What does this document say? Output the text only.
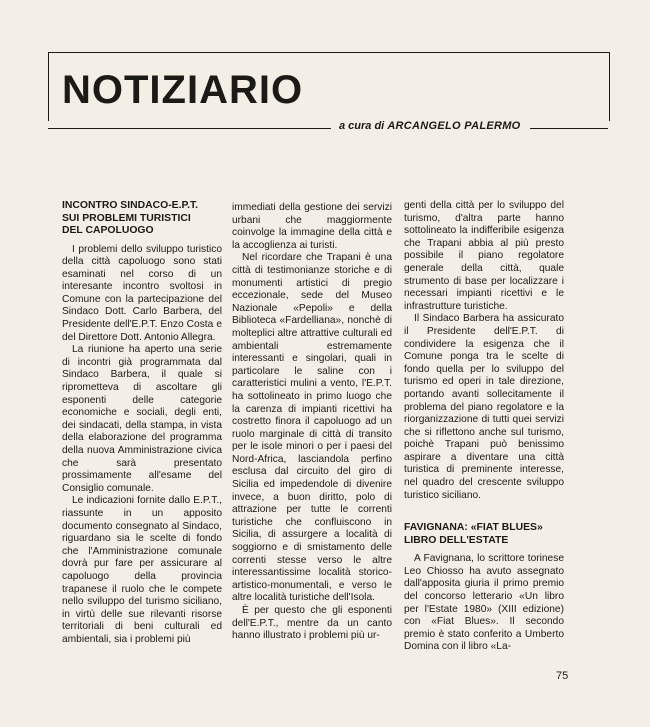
NOTIZIARIO
a cura di ARCANGELO PALERMO
INCONTRO SINDACO-E.P.T.
SUI PROBLEMI TURISTICI
DEL CAPOLUOGO

I problemi dello sviluppo turistico della città capoluogo sono stati esaminati nel corso di un interesante incontro svoltosi in Comune con la partecipazione del Sindaco Dott. Carlo Barbera, del Presidente dell'E.P.T. Enzo Costa e del Direttore Dott. Antonio Allegra.

La riunione ha aperto una serie di incontri già programmata dal Sindaco Barbera, il quale si riprometteva di ascoltare gli esponenti delle categorie economiche e sociali, degli enti, dei sindacati, della stampa, in vista della elaborazione del programma della nuova Amministrazione civica che sarà presentato prossimamente all'esame del Consiglio comunale.

Le indicazioni fornite dallo E.P.T., riassunte in un apposito documento consegnato al Sindaco, riguardano sia le scelte di fondo che l'Amministrazione comunale dovrà pur fare per assicurare al capoluogo della provincia trapanese il ruolo che le compete nello sviluppo del turismo siciliano, in virtù delle sue rilevanti risorse territoriali di beni culturali ed ambientali, sia i problemi più

immediati della gestione dei servizi urbani che maggiormente coinvolge la immagine della città e la accoglienza ai turisti.

Nel ricordare che Trapani è una città di testimonianze storiche e di monumenti artistici di pregio eccezionale, sede del Museo Nazionale «Pepoli» e della Biblioteca «Fardelliana», nonchè di molteplici altre attrattive culturali ed ambientali estremamente interessanti e singolari, quali in particolare le saline con i caratteristici mulini a vento, l'E.P.T. ha sottolineato in primo luogo che la carenza di impianti ricettivi ha costretto finora il capoluogo ad un ruolo marginale di città di transito per le isole minori o per i paesi del Nord-Africa, lasciandola perfino esclusa dal circuito del giro di Sicilia ed impedendole di divenire invece, a buon diritto, polo di attrazione per tutte le correnti turistiche che confluiscono in Sicilia, di assurgere a località di soggiorno e di smistamento delle correnti stesse verso le altre interessantissime località storico-artistico-monumentali, e verso le altre località turistiche dell'Isola.

È per questo che gli esponenti dell'E.P.T., mentre da un canto hanno illustrato i problemi più ur-

genti della città per lo sviluppo del turismo, d'altra parte hanno sottolineato la indifferibile esigenza che Trapani abbia al più presto possibile il piano regolatore generale della città, quale strumento di base per localizzare i necessari impianti ricettivi e le infrastrutture turistiche.

Il Sindaco Barbera ha assicurato il Presidente dell'E.P.T. di condividere la esigenza che il Comune ponga tra le scelte di fondo quella per lo sviluppo del turismo ed operi in tale direzione, portando avanti sollecitamente il problema del piano regolatore e la riorganizzazione di tutti quei servizi che si riflettono anche sul turismo, poichè Trapani può benissimo aspirare a diventare una città turistica di preminente interesse, nel quadro del crescente sviluppo turistico siciliano.

FAVIGNANA: «FIAT BLUES»
LIBRO DELL'ESTATE

A Favignana, lo scrittore torinese Leo Chiosso ha avuto assegnato dall'apposita giuria il primo premio del concorso letterario «Un libro per l'Estate 1980» (XIII edizione) con «Fiat Blues». Il secondo premio è stato conferito a Umberto Domina con il libro «La-

75
